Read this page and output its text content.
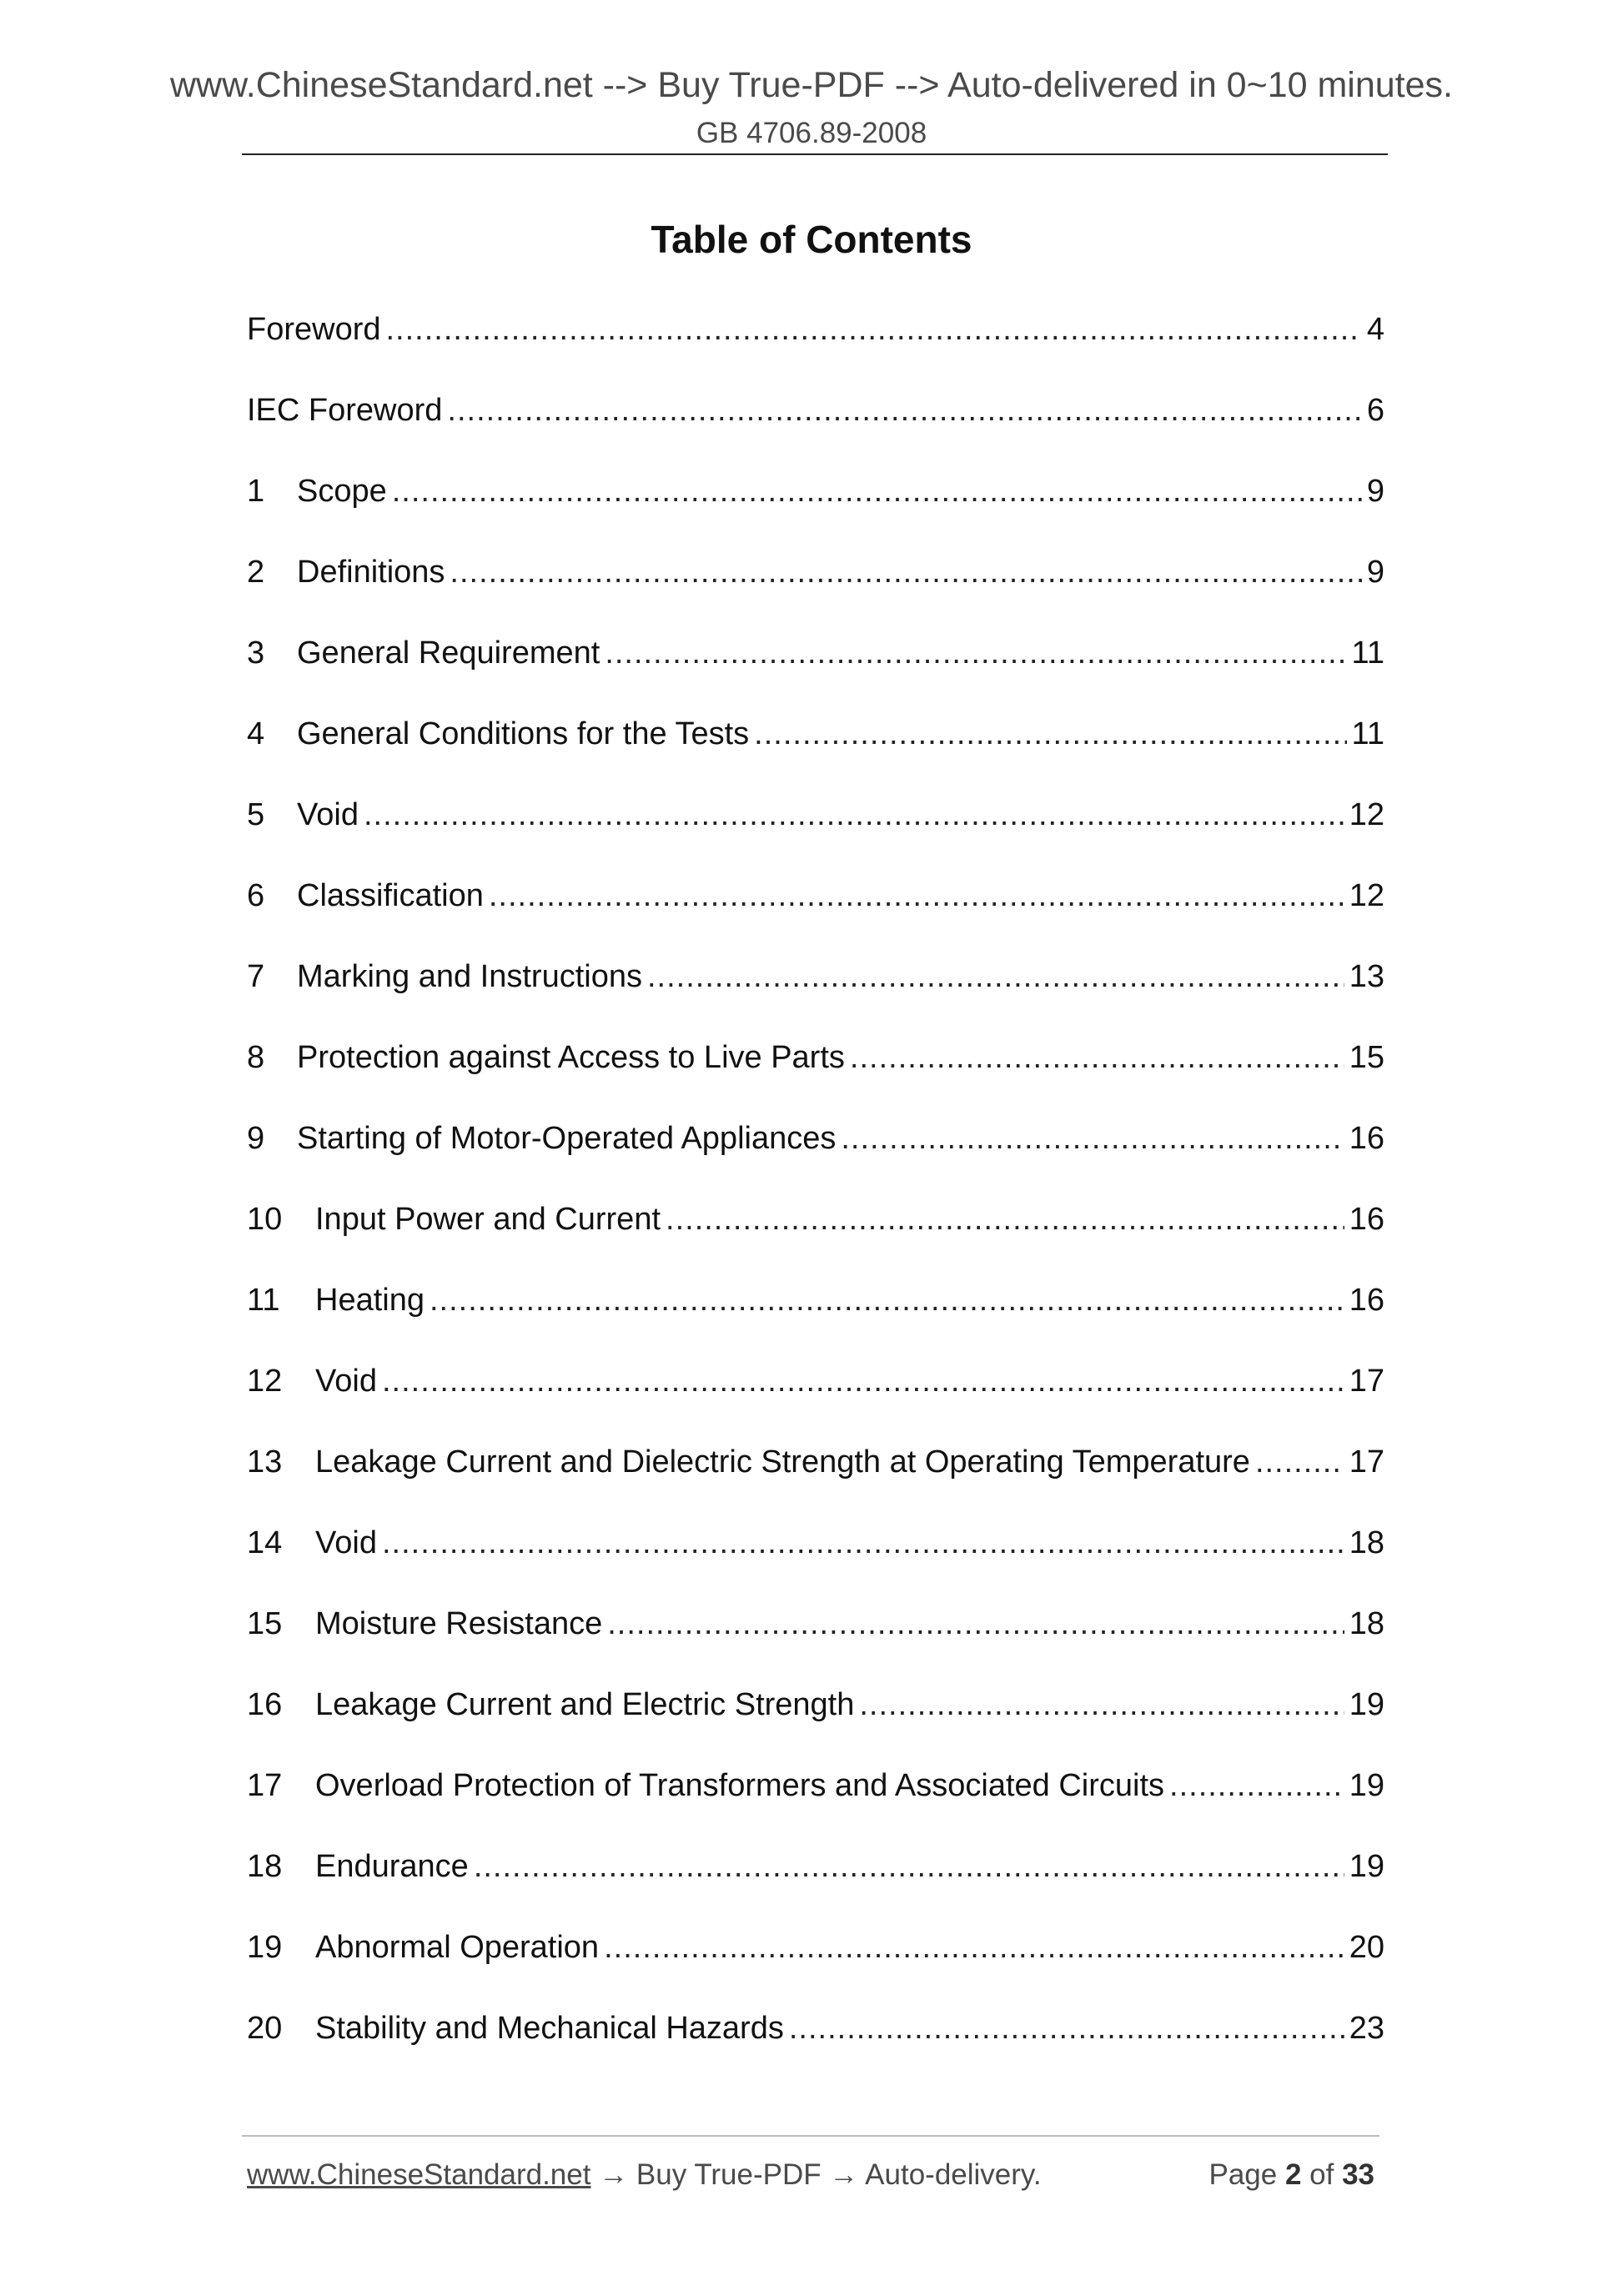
www.ChineseStandard.net --> Buy True-PDF --> Auto-delivered in 0~10 minutes.
GB 4706.89-2008
Table of Contents
Foreword .....	4
IEC Foreword .....	6
1	Scope .....	9
2	Definitions .....	9
3	General Requirement .....	11
4	General Conditions for the Tests .....	11
5	Void .....	12
6	Classification .....	12
7	Marking and Instructions .....	13
8	Protection against Access to Live Parts .....	15
9	Starting of Motor-Operated Appliances .....	16
10	Input Power and Current .....	16
11	Heating .....	16
12	Void .....	17
13	Leakage Current and Dielectric Strength at Operating Temperature .....	17
14	Void .....	18
15	Moisture Resistance .....	18
16	Leakage Current and Electric Strength .....	19
17	Overload Protection of Transformers and Associated Circuits .....	19
18	Endurance .....	19
19	Abnormal Operation .....	20
20	Stability and Mechanical Hazards .....	23
www.ChineseStandard.net → Buy True-PDF → Auto-delivery.	Page 2 of 33
